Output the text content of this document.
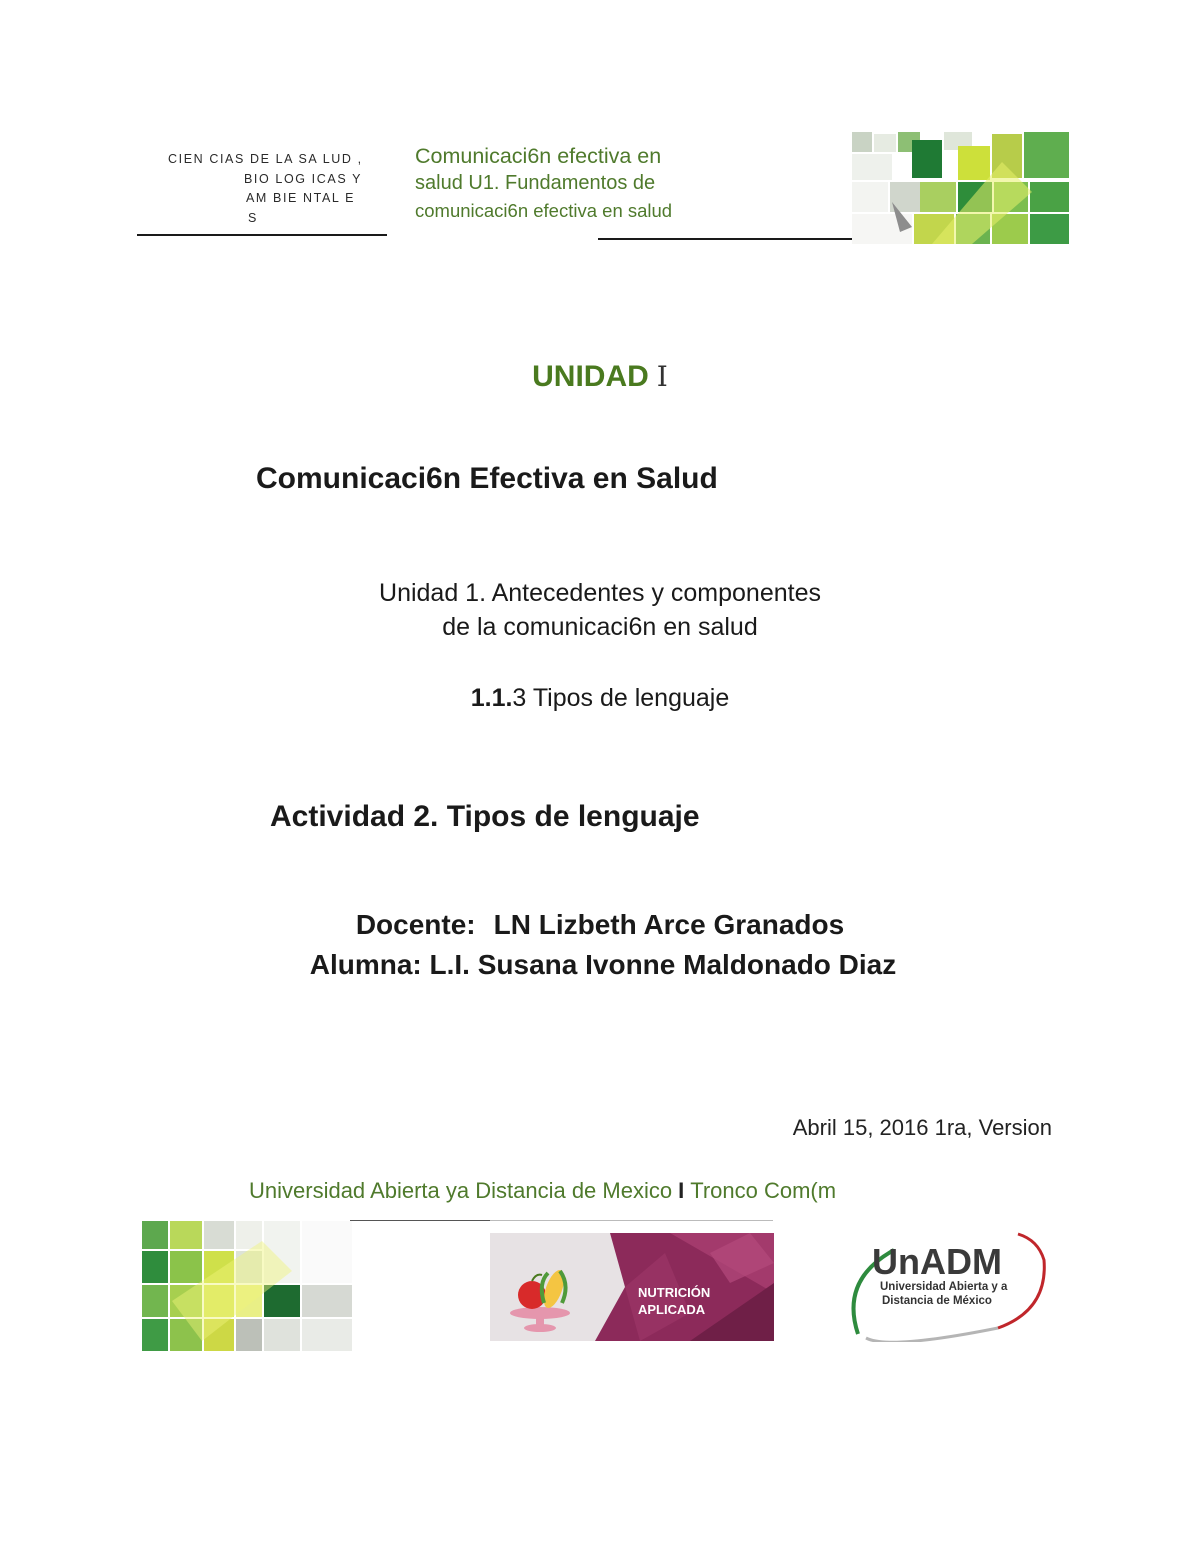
CIEN CIAS DE LA SA LUD ,
BIO LOG ICAS Y
AM BIE NTAL E
S
Comunicaci6n efectiva en
salud U1. Fundamentos de
comunicaci6n efectiva en salud
UNIDAD I
Comunicaci6n Efectiva en Salud
Unidad 1. Antecedentes y componentes
de la comunicaci6n en salud
1.1.3 Tipos de lenguaje
Actividad 2. Tipos de lenguaje
Docente: LN Lizbeth Arce Granados
Alumna: L.I. Susana Ivonne Maldonado Diaz
Abril 15, 2016 1ra, Version
Universidad Abierta ya Distancia de Mexico I Tronco Com(m
NUTRICIÓN
APLICADA
UnADM
Universidad Abierta y a
Distancia de México
